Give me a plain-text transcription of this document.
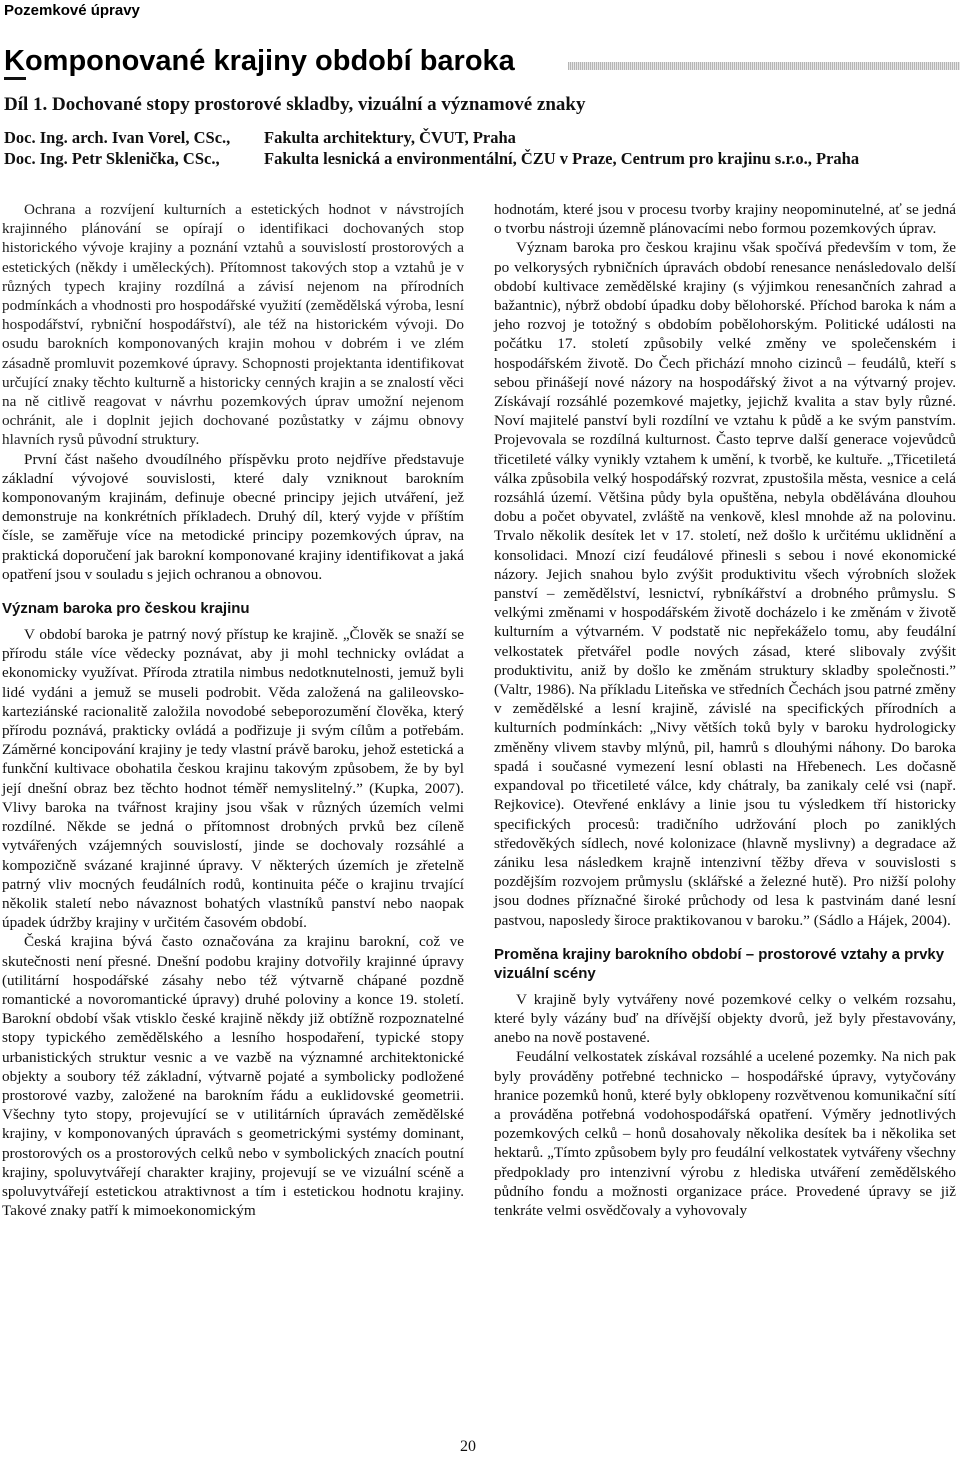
Pozemkové úpravy
Komponované krajiny období baroka
Díl 1. Dochované stopy prostorové skladby, vizuální a významové znaky
Doc. Ing. arch. Ivan Vorel, CSc., Fakulta architektury, ČVUT, Praha
Doc. Ing. Petr Sklenička, CSc.,	Fakulta lesnická a environmentální, ČZU v Praze, Centrum pro krajinu s.r.o., Praha

Ochrana a rozvíjení kulturních a estetických hodnot v návstrojích krajinného plánování se opírají o identifikaci dochovaných stop historického vývoje krajiny a poznání vztahů a souvislostí prostorových a estetických (někdy i uměleckých). Přítomnost takových stop a vztahů je v různých typech krajiny rozdílná a závisí nejenom na přírodních podmínkách a vhodnosti pro hospodářské využití (zemědělská výroba, lesní hospodářství, rybniční hospodářství), ale též na historickém vývoji. Do osudu barokních komponovaných krajin mohou v dobrém i ve zlém zásadně promluvit pozemkové úpravy. Schopnosti projektanta identifikovat určující znaky těchto kulturně a historicky cenných krajin a se znalostí věci na ně citlivě reagovat v návrhu pozemkových úprav umožní nejenom ochránit, ale i doplnit jejich dochované pozůstatky v zájmu obnovy hlavních rysů původní struktury.

První část našeho dvoudílného příspěvku proto nejdříve představuje základní vývojové souvislosti, které daly vzniknout barokním komponovaným krajinám, definuje obecné principy jejich utváření, jež demonstruje na konkrétních příkladech. Druhý díl, který vyjde v příštím čísle, se zaměřuje více na metodické principy pozemkových úprav, na praktická doporučení jak barokní komponované krajiny identifikovat a jaká opatření jsou v souladu s jejich ochranou a obnovou.

Význam baroka pro českou krajinu

V období baroka je patrný nový přístup ke krajině. „Člověk se snaží se přírodu stále více vědecky poznávat, aby ji mohl technicky ovládat a ekonomicky využívat. Příroda ztratila nimbus nedotknutelnosti, jemuž byli lidé vydáni a jemuž se museli podrobit. Věda založená na galileovsko-karteziánské racionalitě založila novodobé sebeporozumění člověka, který přírodu poznává, prakticky ovládá a podřizuje ji svým cílům a potřebám. Záměrné koncipování krajiny je tedy vlastní právě baroku, jehož estetická a funkční kultivace obohatila českou krajinu takovým způsobem, že by byl její dnešní obraz bez těchto hodnot téměř nemyslitelný.” (Kupka, 2007). Vlivy baroka na tvářnost krajiny jsou však v různých územích velmi rozdílné. Někde se jedná o přítomnost drobných prvků bez cíleně vytvářených vzájemných souvislostí, jinde se dochovaly rozsáhlé a kompozičně svázané krajinné úpravy. V některých územích je zřetelně patrný vliv mocných feudálních rodů, kontinuita péče o krajinu trvající několik staletí nebo návaznost bohatých vlastníků panství nebo naopak úpadek údržby krajiny v určitém časovém období.

Česká krajina bývá často označována za krajinu barokní, což ve skutečnosti není přesné. Dnešní podobu krajiny dotvořily krajinné úpravy (utilitární hospodářské zásahy nebo též výtvarně chápané pozdně romantické a novoromantické úpravy) druhé poloviny a konce 19. století. Barokní období však vtisklo české krajině někdy již obtížně rozpoznatelné stopy typického zemědělského a lesního hospodaření, typické stopy urbanistických struktur vesnic a ve vazbě na významné architektonické objekty a soubory též základní, výtvarně pojaté a symbolicky podložené prostorové vazby, založené na barokním řádu a euklidovské geometrii. Všechny tyto stopy, projevující se v utilitárních úpravách zemědělské krajiny, v komponovaných úpravách s geometrickými systémy dominant, prostorových os a prostorových celků nebo v symbolických znacích poutní krajiny, spoluvytvářejí charakter krajiny, projevují se ve vizuální scéně a spoluvytvářejí estetickou atraktivnost a tím i estetickou hodnotu krajiny. Takové znaky patří k mimoekonomickým

hodnotám, které jsou v procesu tvorby krajiny neopominutelné, ať se jedná o tvorbu nástroji územně plánovacími nebo formou pozemkových úprav.

Význam baroka pro českou krajinu však spočívá především v tom, že po velkorysých rybničních úpravách období renesance nenásledovalo delší období kultivace zemědělské krajiny (s výjimkou renesančních zahrad a bažantnic), nýbrž období úpadku doby bělohorské. Příchod baroka k nám a jeho rozvoj je totožný s obdobím pobělohorským. Politické události na počátku 17. století způsobily velké změny ve společenském i hospodářském životě. Do Čech přichází mnoho cizinců – feudálů, kteří s sebou přinášejí nové názory na hospodářský život a na výtvarný projev. Získávají rozsáhlé pozemkové majetky, jejichž kvalita a stav byly různé. Noví majitelé panství byli rozdílní ve vztahu k půdě a ke svým panstvím. Projevovala se rozdílná kulturnost. Často teprve další generace vojevůdců třicetileté války vynikly vztahem k umění, k tvorbě, ke kultuře. „Třicetiletá válka způsobila velký hospodářský rozvrat, zpustošila města, vesnice a celá rozsáhlá území. Většina půdy byla opuštěna, nebyla obdělávána dlouhou dobu a počet obyvatel, zvláště na venkově, klesl mnohde až na polovinu. Trvalo několik desítek let v 17. století, než došlo k určitému uklidnění a konsolidaci. Mnozí cizí feudálové přinesli s sebou i nové ekonomické názory. Jejich snahou bylo zvýšit produktivitu všech výrobních složek panství – zemědělství, lesnictví, rybníkářství a drobného průmyslu. S velkými změnami v hospodářském životě docházelo i ke změnám v životě kulturním a výtvarném. V podstatě nic nepřekáželo tomu, aby feudální velkostatek přetvářel podle nových zásad, které slibovaly zvýšit produktivitu, aniž by došlo ke změnám struktury skladby společnosti.” (Valtr, 1986). Na příkladu Liteňska ve středních Čechách jsou patrné změny v zemědělské a lesní krajině, závislé na specifických přírodních a kulturních podmínkách: „Nivy větších toků byly v baroku hydrologicky změněny vlivem stavby mlýnů, pil, hamrů s dlouhými náhony. Do baroka spadá i současné vymezení lesní oblasti na Hřebenech. Les dočasně expandoval po třicetileté válce, kdy chátraly, ba zanikaly celé vsi (např. Rejkovice). Otevřené enklávy a linie jsou tu výsledkem tří historicky specifických procesů: tradičního udržování ploch po zaniklých středověkých sídlech, nové kolonizace (hlavně myslivny) a degradace až zániku lesa následkem krajně intenzivní těžby dřeva v souvislosti s pozdějším rozvojem průmyslu (sklářské a železné hutě). Pro nižší polohy jsou dodnes příznačné široké průchody od lesa k pastvinám dané lesní pastvou, naposledy široce praktikovanou v baroku.” (Sádlo a Hájek, 2004).

Proměna krajiny barokního období – prostorové vztahy a prvky vizuální scény

V krajině byly vytvářeny nové pozemkové celky o velkém rozsahu, které byly vázány buď na dřívější objekty dvorů, jež byly přestavovány, anebo na nově postavené.

Feudální velkostatek získával rozsáhlé a ucelené pozemky. Na nich pak byly prováděny potřebné technicko – hospodářské úpravy, vytyčovány hranice pozemků honů, které byly obklopeny rozvětvenou komunikační sítí a prováděna potřebná vodohospodářská opatření. Výměry jednotlivých pozemkových celků – honů dosahovaly několika desítek ba i několika set hektarů. „Tímto způsobem byly pro feudální velkostatek vytvářeny všechny předpoklady pro intenzivní výrobu z hlediska utváření zemědělského půdního fondu a možnosti organizace práce. Provedené úpravy se již tenkráte velmi osvědčovaly a vyhovovaly

20
